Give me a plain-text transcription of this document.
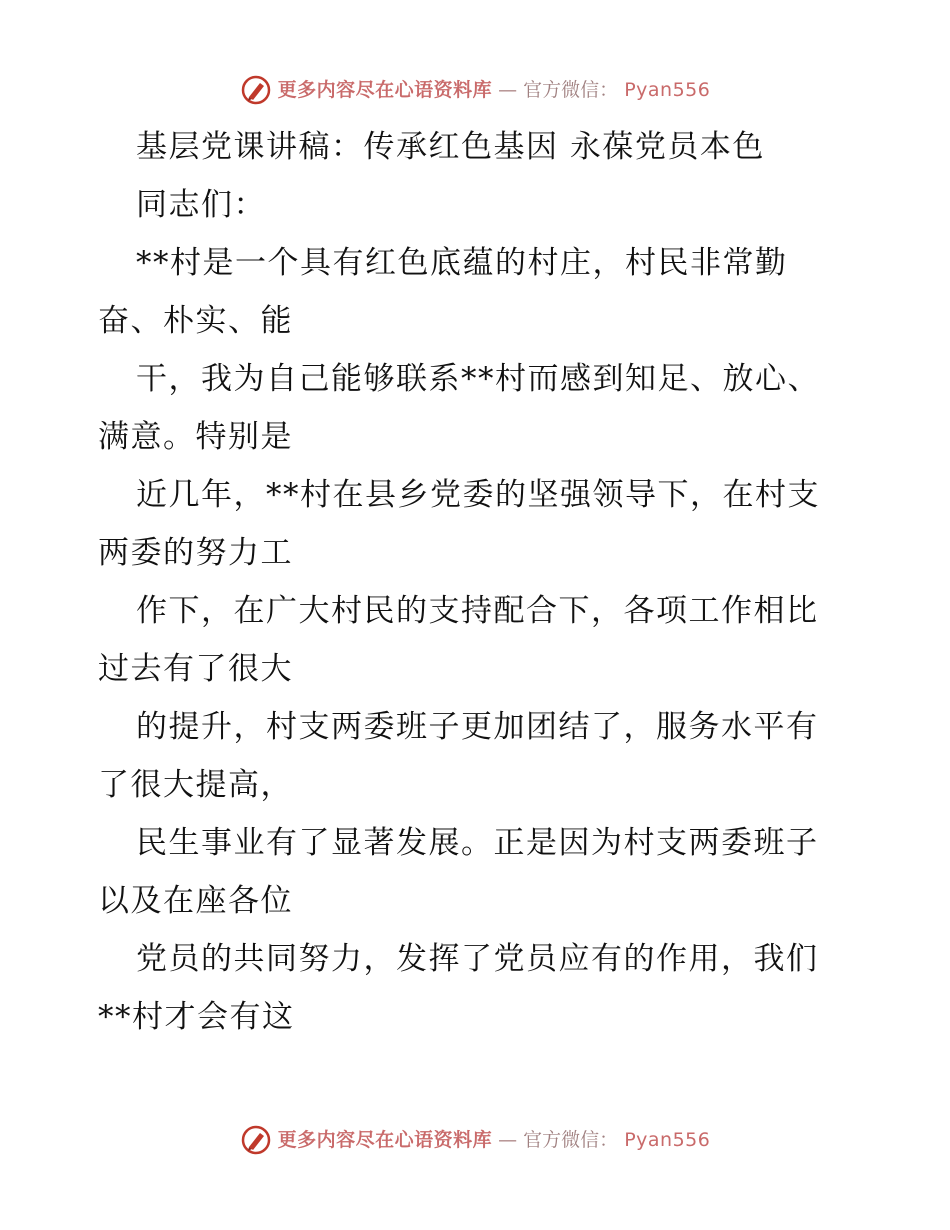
更多内容尽在心语资料库 — 官方微信： Pyan556
基层党课讲稿：传承红色基因 永葆党员本色
同志们：
**村是一个具有红色底蕴的村庄，村民非常勤
奋、朴实、能
干，我为自己能够联系**村而感到知足、放心、
满意。特别是
近几年，**村在县乡党委的坚强领导下，在村支
两委的努力工
作下，在广大村民的支持配合下，各项工作相比
过去有了很大
的提升，村支两委班子更加团结了，服务水平有
了很大提高，
民生事业有了显著发展。正是因为村支两委班子
以及在座各位
党员的共同努力，发挥了党员应有的作用，我们
**村才会有这
更多内容尽在心语资料库 — 官方微信： Pyan556
